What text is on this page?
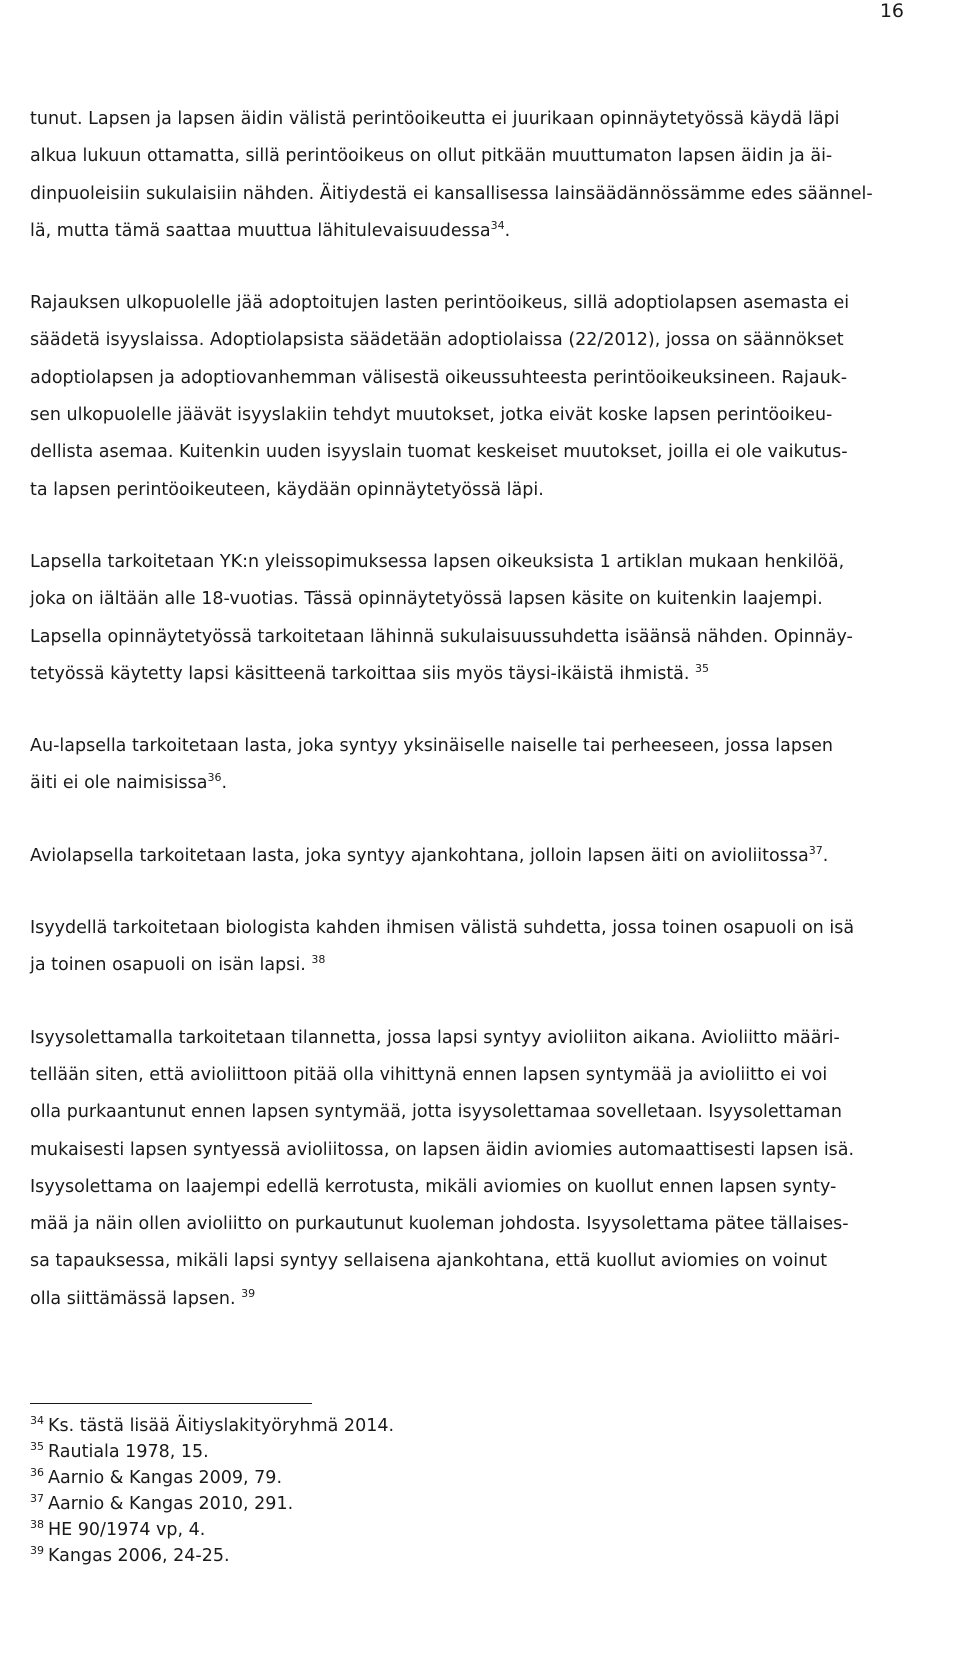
16

tunut. Lapsen ja lapsen äidin välistä perintöoikeutta ei juurikaan opinnäytetyössä käydä läpi
alkua lukuun ottamatta, sillä perintöoikeus on ollut pitkään muuttumaton lapsen äidin ja äi-
dinpuoleisiin sukulaisiin nähden. Äitiydestä ei kansallisessa lainsäädännössämme edes säännel-
lä, mutta tämä saattaa muuttua lähitulevaisuudessa$^{34}$.

Rajauksen ulkopuolelle jää adoptoitujen lasten perintöoikeus, sillä adoptiolapsen asemasta ei
säädetä isyyslaissa. Adoptiolapsista säädetään adoptiolaissa (22/2012), jossa on säännökset
adoptiolapsen ja adoptiovanhemman välisestä oikeussuhteesta perintöoikeuksineen. Rajauk-
sen ulkopuolelle jäävät isyyslakiin tehdyt muutokset, jotka eivät koske lapsen perintöoikeu-
dellista asemaa. Kuitenkin uuden isyyslain tuomat keskeiset muutokset, joilla ei ole vaikutus-
ta lapsen perintöoikeuteen, käydään opinnäytetyössä läpi.

Lapsella tarkoitetaan YK:n yleissopimuksessa lapsen oikeuksista 1 artiklan mukaan henkilöä,
joka on iältään alle 18-vuotias. Tässä opinnäytetyössä lapsen käsite on kuitenkin laajempi.
Lapsella opinnäytetyössä tarkoitetaan lähinnä sukulaisuussuhdetta isäänsä nähden. Opinnäy-
tetyössä käytetty lapsi käsitteenä tarkoittaa siis myös täysi-ikäistä ihmistä. $^{35}$

Au-lapsella tarkoitetaan lasta, joka syntyy yksinäiselle naiselle tai perheeseen, jossa lapsen
äiti ei ole naimisissa$^{36}$.

Aviolapsella tarkoitetaan lasta, joka syntyy ajankohtana, jolloin lapsen äiti on avioliitossa$^{37}$.

Isyydellä tarkoitetaan biologista kahden ihmisen välistä suhdetta, jossa toinen osapuoli on isä
ja toinen osapuoli on isän lapsi. $^{38}$

Isyysolettamalla tarkoitetaan tilannetta, jossa lapsi syntyy avioliiton aikana. Avioliitto määri-
tellään siten, että avioliittoon pitää olla vihittynä ennen lapsen syntymää ja avioliitto ei voi
olla purkaantunut ennen lapsen syntymää, jotta isyysolettamaa sovelletaan. Isyysolettaman
mukaisesti lapsen syntyessä avioliitossa, on lapsen äidin aviomies automaattisesti lapsen isä.
Isyysolettama on laajempi edellä kerrotusta, mikäli aviomies on kuollut ennen lapsen synty-
mää ja näin ollen avioliitto on purkautunut kuoleman johdosta. Isyysolettama pätee tällaises-
sa tapauksessa, mikäli lapsi syntyy sellaisena ajankohtana, että kuollut aviomies on voinut
olla siittämässä lapsen. $^{39}$

$^{34}$ Ks. tästä lisää Äitiyslakityöryhmä 2014.

$^{35}$ Rautiala 1978, 15.

$^{36}$ Aarnio & Kangas 2009, 79.

$^{37}$ Aarnio & Kangas 2010, 291.

$^{38}$ HE 90/1974 vp, 4.

$^{39}$ Kangas 2006, 24-25.
